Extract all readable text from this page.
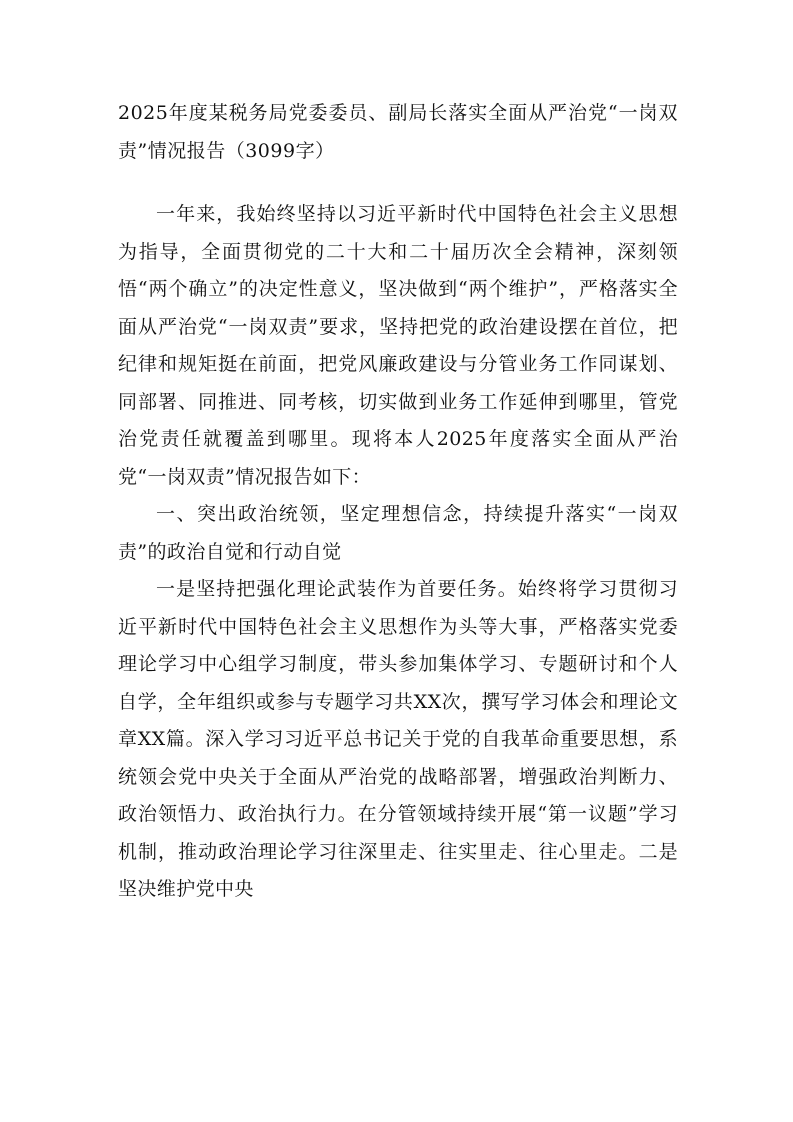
2025年度某税务局党委委员、副局长落实全面从严治党“一岗双责”情况报告（3099字）

一年来，我始终坚持以习近平新时代中国特色社会主义思想为指导，全面贯彻党的二十大和二十届历次全会精神，深刻领悟“两个确立”的决定性意义，坚决做到“两个维护”，严格落实全面从严治党“一岗双责”要求，坚持把党的政治建设摆在首位，把纪律和规矩挺在前面，把党风廉政建设与分管业务工作同谋划、同部署、同推进、同考核，切实做到业务工作延伸到哪里，管党治党责任就覆盖到哪里。现将本人2025年度落实全面从严治党“一岗双责”情况报告如下：

一、突出政治统领，坚定理想信念，持续提升落实“一岗双责”的政治自觉和行动自觉

一是坚持把强化理论武装作为首要任务。始终将学习贯彻习近平新时代中国特色社会主义思想作为头等大事，严格落实党委理论学习中心组学习制度，带头参加集体学习、专题研讨和个人自学，全年组织或参与专题学习共XX次，撰写学习体会和理论文章XX篇。深入学习习近平总书记关于党的自我革命重要思想，系统领会党中央关于全面从严治党的战略部署，增强政治判断力、政治领悟力、政治执行力。在分管领域持续开展“第一议题”学习机制，推动政治理论学习往深里走、往实里走、往心里走。二是坚决维护党中央
